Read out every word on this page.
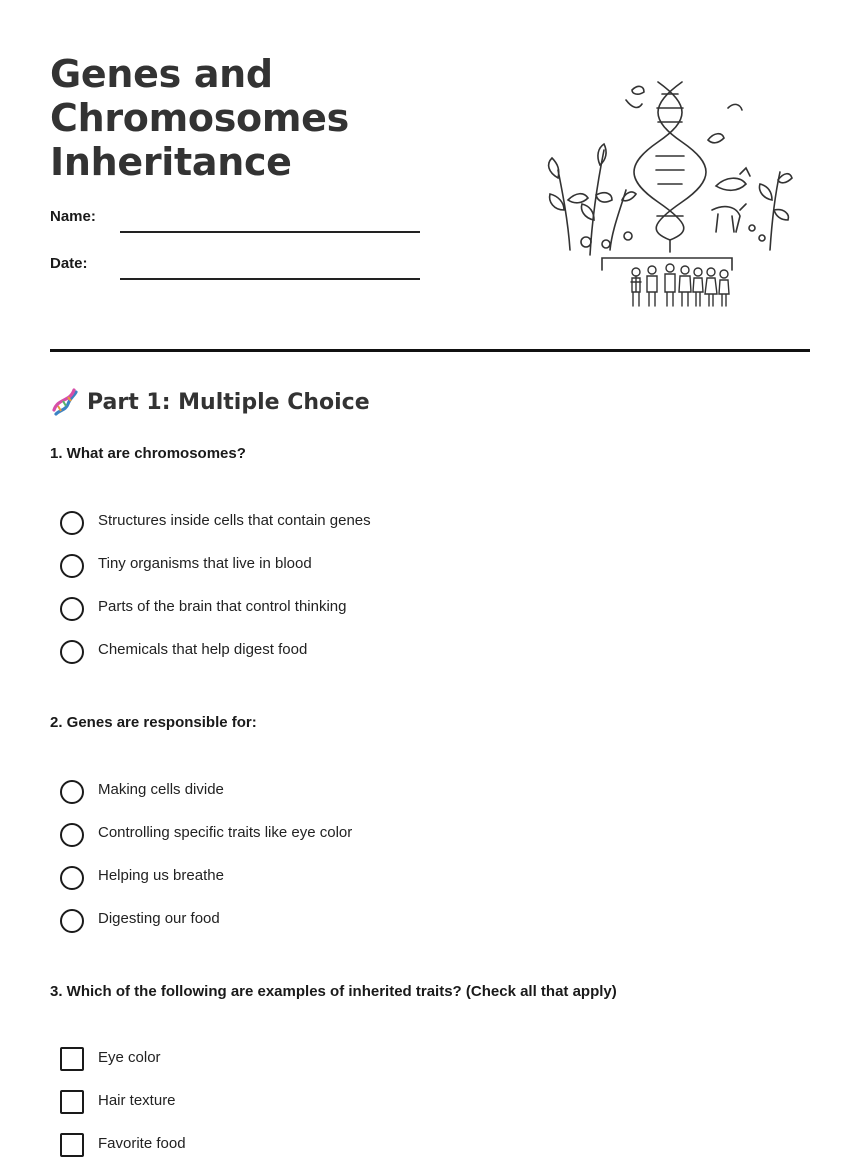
Genes and
Chromosomes
Inheritance
Name:
Date:
Part 1: Multiple Choice

1. What are chromosomes?

Structures inside cells that contain genes
Tiny organisms that live in blood
Parts of the brain that control thinking
Chemicals that help digest food

2. Genes are responsible for:

Making cells divide
Controlling specific traits like eye color
Helping us breathe
Digesting our food

3. Which of the following are examples of inherited traits? (Check all that apply)

Eye color
Hair texture
Favorite food
